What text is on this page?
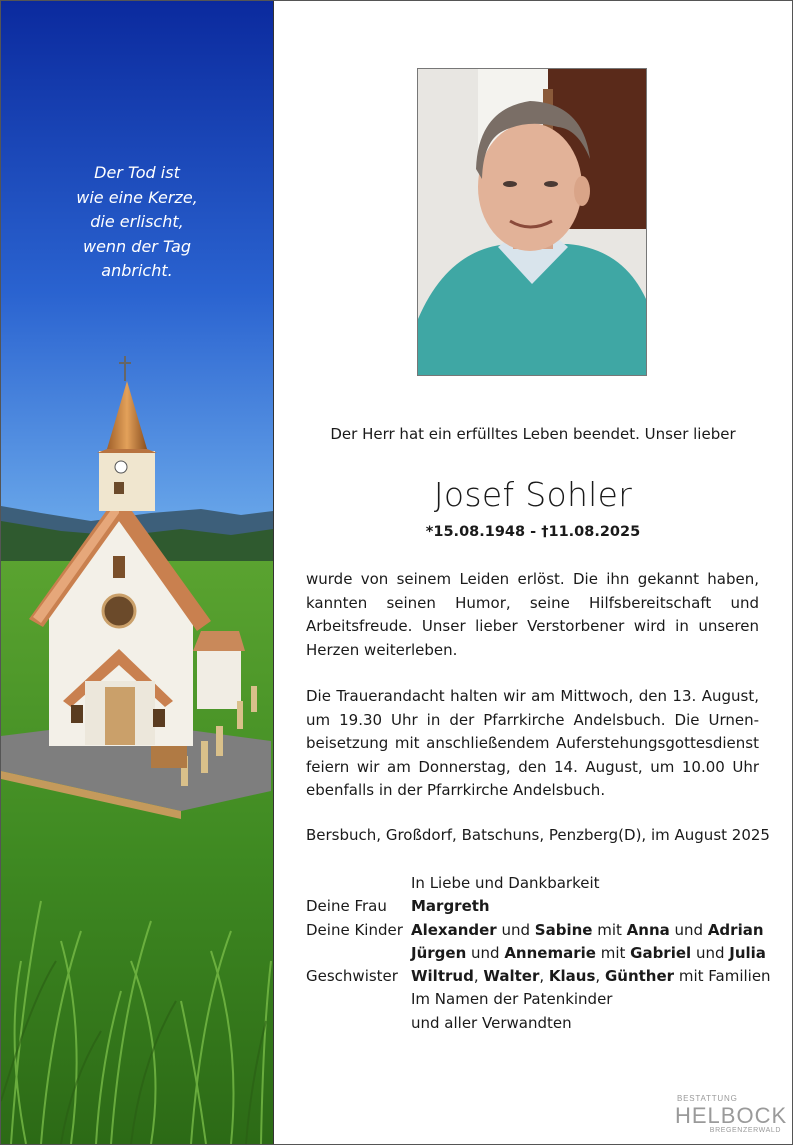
Der Tod ist
wie eine Kerze,
die erlischt,
wenn der Tag
anbricht.
Der Herr hat ein erfülltes Leben beendet. Unser lieber
Josef Sohler
*15.08.1948 - †11.08.2025
wurde von seinem Leiden erlöst. Die ihn gekannt haben,
kannten seinen Humor, seine Hilfsbereitschaft und
Arbeitsfreude. Unser lieber Verstorbener wird in unseren
Herzen weiterleben.
Die Trauerandacht halten wir am Mittwoch, den 13. August,
um 19.30 Uhr in der Pfarrkirche Andelsbuch. Die Urnen-
beisetzung mit anschließendem Auferstehungsgottesdienst
feiern wir am Donnerstag, den 14. August, um 10.00 Uhr
ebenfalls in der Pfarrkirche Andelsbuch.
Bersbuch, Großdorf, Batschuns, Penzberg(D), im August 2025
In Liebe und Dankbarkeit
Deine Frau	Margreth
Deine Kinder Alexander und Sabine mit Anna und Adrian
Jürgen und Annemarie mit Gabriel und Julia
Geschwister Wiltrud, Walter, Klaus, Günther mit Familien
Im Namen der Patenkinder
und aller Verwandten
BESTATTUNG
HELBOCK
BREGENZERWALD
